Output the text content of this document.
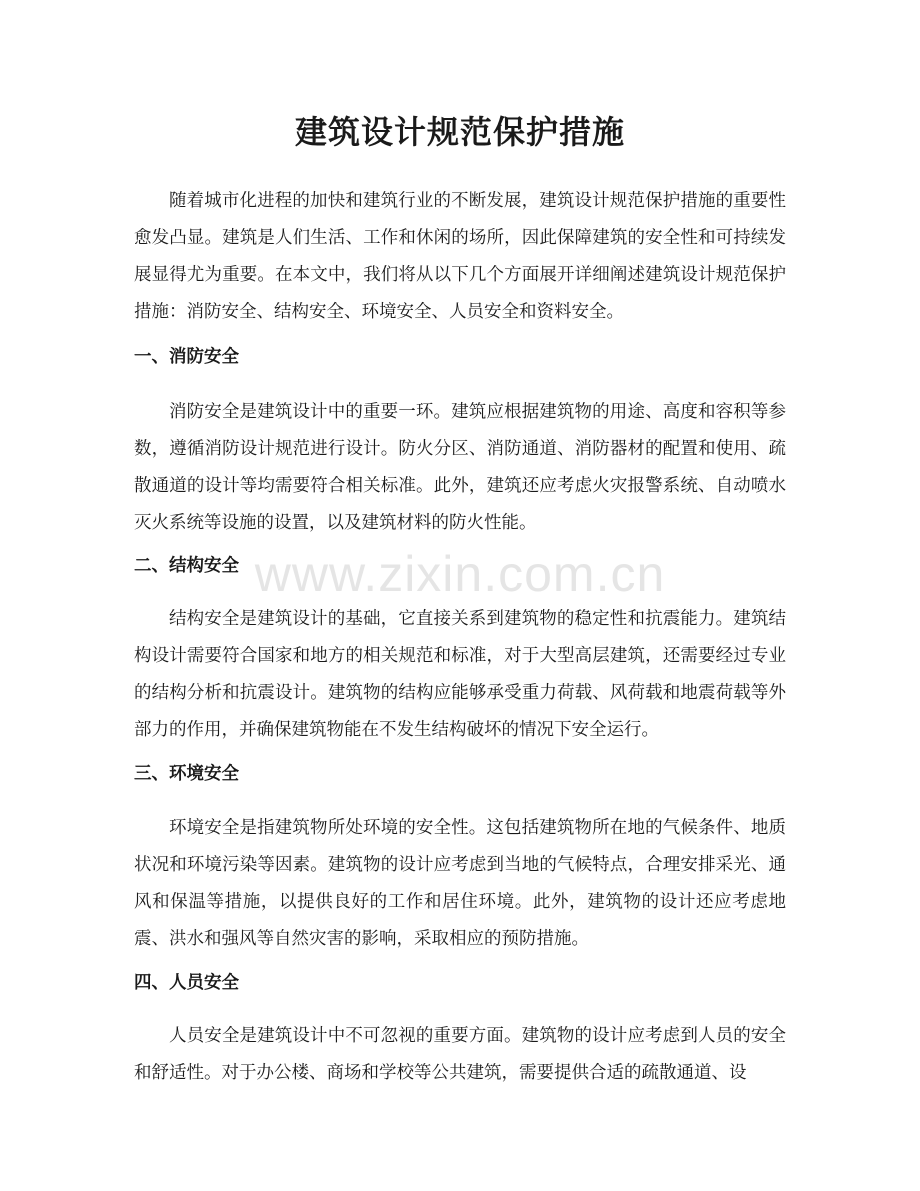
建筑设计规范保护措施

随着城市化进程的加快和建筑行业的不断发展，建筑设计规范保护措施的重要性愈发凸显。建筑是人们生活、工作和休闲的场所，因此保障建筑的安全性和可持续发展显得尤为重要。在本文中，我们将从以下几个方面展开详细阐述建筑设计规范保护措施：消防安全、结构安全、环境安全、人员安全和资料安全。

一、消防安全

消防安全是建筑设计中的重要一环。建筑应根据建筑物的用途、高度和容积等参数，遵循消防设计规范进行设计。防火分区、消防通道、消防器材的配置和使用、疏散通道的设计等均需要符合相关标准。此外，建筑还应考虑火灾报警系统、自动喷水灭火系统等设施的设置，以及建筑材料的防火性能。

二、结构安全

结构安全是建筑设计的基础，它直接关系到建筑物的稳定性和抗震能力。建筑结构设计需要符合国家和地方的相关规范和标准，对于大型高层建筑，还需要经过专业的结构分析和抗震设计。建筑物的结构应能够承受重力荷载、风荷载和地震荷载等外部力的作用，并确保建筑物能在不发生结构破坏的情况下安全运行。

三、环境安全

环境安全是指建筑物所处环境的安全性。这包括建筑物所在地的气候条件、地质状况和环境污染等因素。建筑物的设计应考虑到当地的气候特点，合理安排采光、通风和保温等措施，以提供良好的工作和居住环境。此外，建筑物的设计还应考虑地震、洪水和强风等自然灾害的影响，采取相应的预防措施。

四、人员安全

人员安全是建筑设计中不可忽视的重要方面。建筑物的设计应考虑到人员的安全和舒适性。对于办公楼、商场和学校等公共建筑，需要提供合适的疏散通道、设

www.zixin.com.cn
